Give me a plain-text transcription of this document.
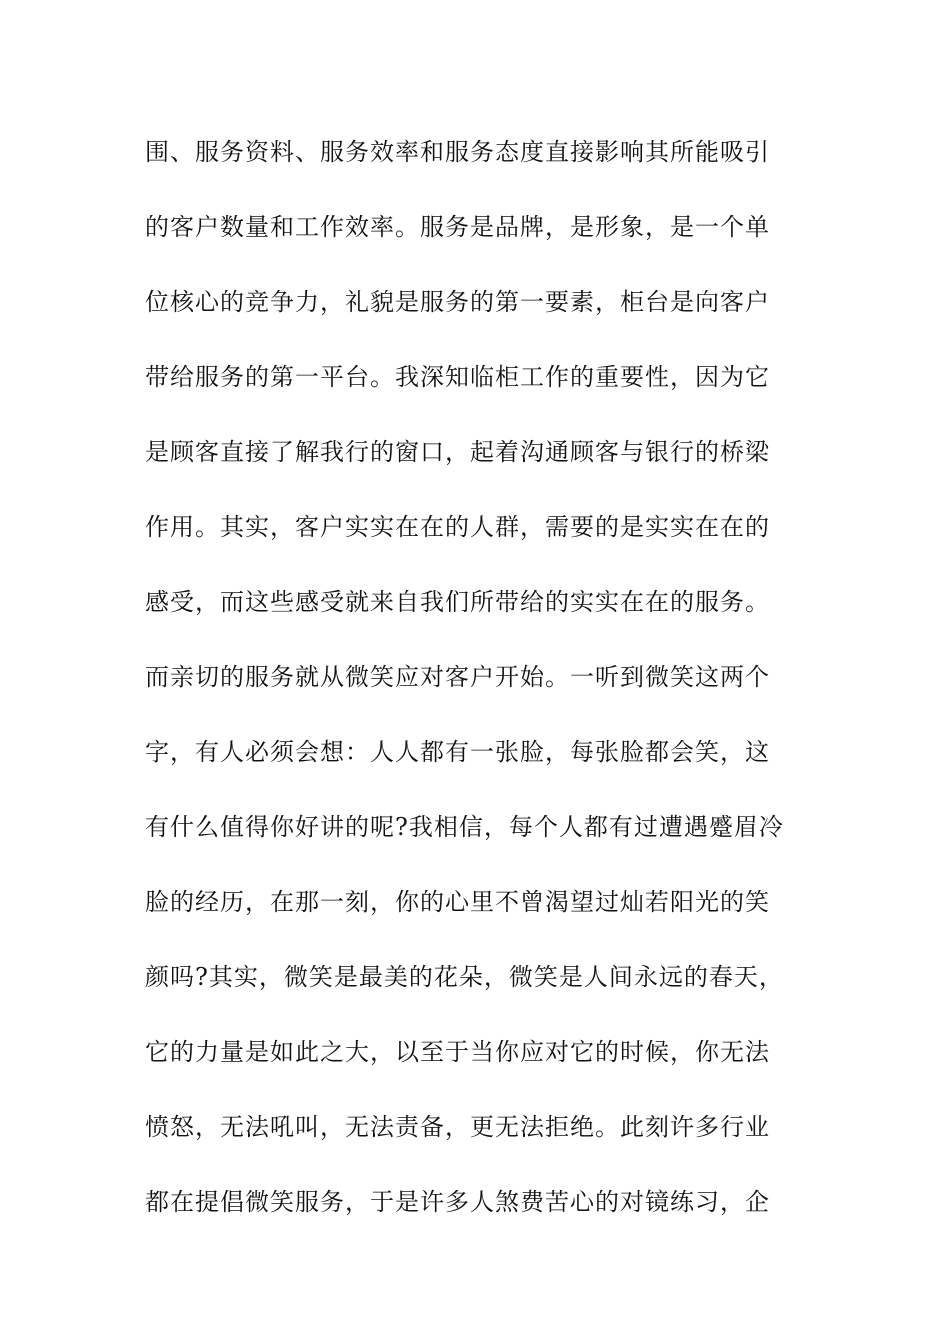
围、服务资料、服务效率和服务态度直接影响其所能吸引
的客户数量和工作效率。服务是品牌，是形象，是一个单
位核心的竞争力，礼貌是服务的第一要素，柜台是向客户
带给服务的第一平台。我深知临柜工作的重要性，因为它
是顾客直接了解我行的窗口，起着沟通顾客与银行的桥梁
作用。其实，客户实实在在的人群，需要的是实实在在的
感受，而这些感受就来自我们所带给的实实在在的服务。
而亲切的服务就从微笑应对客户开始。一听到微笑这两个
字，有人必须会想：人人都有一张脸，每张脸都会笑，这
有什么值得你好讲的呢?我相信，每个人都有过遭遇蹙眉冷
脸的经历，在那一刻，你的心里不曾渴望过灿若阳光的笑
颜吗?其实，微笑是最美的花朵，微笑是人间永远的春天，
它的力量是如此之大，以至于当你应对它的时候，你无法
愤怒，无法吼叫，无法责备，更无法拒绝。此刻许多行业
都在提倡微笑服务，于是许多人煞费苦心的对镜练习，企
